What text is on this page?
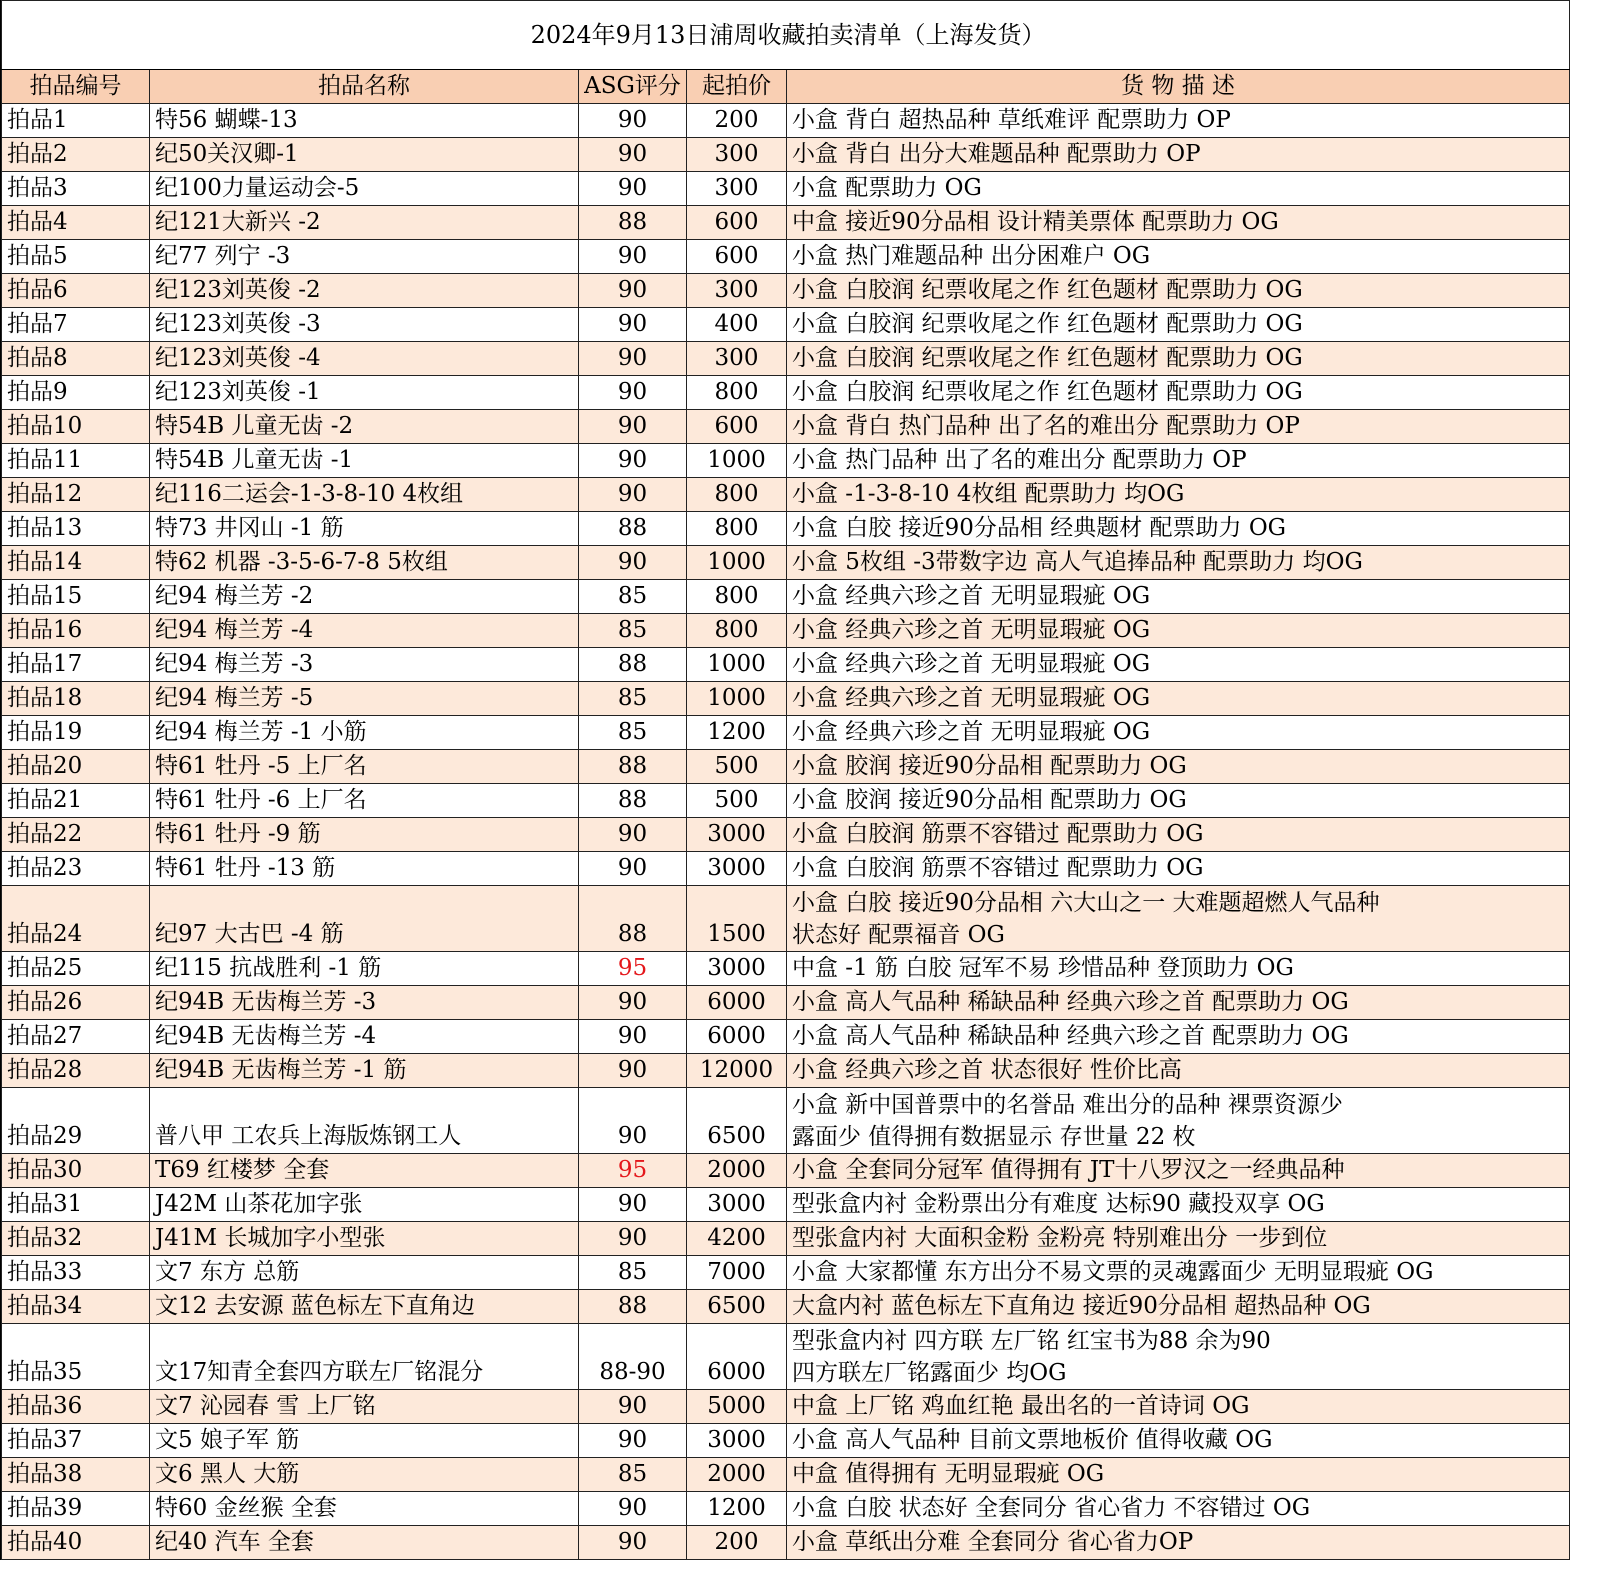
2024年9月13日浦周收藏拍卖清单（上海发货）				
拍品编号	拍品名称	ASG评分	起拍价	货 物 描 述
拍品1	特56 蝴蝶-13	90	200	小盒 背白 超热品种 草纸难评 配票助力 OP
拍品2	纪50关汉卿-1	90	300	小盒 背白 出分大难题品种 配票助力 OP
拍品3	纪100力量运动会-5	90	300	小盒 配票助力 OG
拍品4	纪121大新兴 -2	88	600	中盒 接近90分品相 设计精美票体 配票助力 OG
拍品5	纪77 列宁 -3	90	600	小盒 热门难题品种 出分困难户 OG
拍品6	纪123刘英俊 -2	90	300	小盒 白胶润 纪票收尾之作 红色题材 配票助力 OG
拍品7	纪123刘英俊 -3	90	400	小盒 白胶润 纪票收尾之作 红色题材 配票助力 OG
拍品8	纪123刘英俊 -4	90	300	小盒 白胶润 纪票收尾之作 红色题材 配票助力 OG
拍品9	纪123刘英俊 -1	90	800	小盒 白胶润 纪票收尾之作 红色题材 配票助力 OG
拍品10	特54B 儿童无齿 -2	90	600	小盒 背白 热门品种 出了名的难出分 配票助力 OP
拍品11	特54B 儿童无齿 -1	90	1000	小盒 热门品种 出了名的难出分 配票助力 OP
拍品12	纪116二运会-1-3-8-10 4枚组	90	800	小盒 -1-3-8-10 4枚组 配票助力 均OG
拍品13	特73 井冈山 -1 筋	88	800	小盒 白胶 接近90分品相 经典题材 配票助力 OG
拍品14	特62 机器 -3-5-6-7-8 5枚组	90	1000	小盒 5枚组 -3带数字边 高人气追捧品种 配票助力 均OG
拍品15	纪94 梅兰芳 -2	85	800	小盒 经典六珍之首 无明显瑕疵 OG
拍品16	纪94 梅兰芳 -4	85	800	小盒 经典六珍之首 无明显瑕疵 OG
拍品17	纪94 梅兰芳 -3	88	1000	小盒 经典六珍之首 无明显瑕疵 OG
拍品18	纪94 梅兰芳 -5	85	1000	小盒 经典六珍之首 无明显瑕疵 OG
拍品19	纪94 梅兰芳 -1 小筋	85	1200	小盒 经典六珍之首 无明显瑕疵 OG
拍品20	特61 牡丹 -5 上厂名	88	500	小盒 胶润 接近90分品相 配票助力 OG
拍品21	特61 牡丹 -6 上厂名	88	500	小盒 胶润 接近90分品相 配票助力 OG
拍品22	特61 牡丹 -9 筋	90	3000	小盒 白胶润 筋票不容错过 配票助力 OG
拍品23	特61 牡丹 -13 筋	90	3000	小盒 白胶润 筋票不容错过 配票助力 OG
拍品24	纪97 大古巴 -4 筋	88	1500	小盒 白胶 接近90分品相 六大山之一 大难题超燃人气品种
状态好 配票福音 OG

拍品25	纪115 抗战胜利 -1 筋	95	3000	中盒 -1 筋 白胶 冠军不易 珍惜品种 登顶助力 OG
拍品26	纪94B 无齿梅兰芳 -3	90	6000	小盒 高人气品种 稀缺品种 经典六珍之首 配票助力 OG
拍品27	纪94B 无齿梅兰芳 -4	90	6000	小盒 高人气品种 稀缺品种 经典六珍之首 配票助力 OG
拍品28	纪94B 无齿梅兰芳 -1 筋	90	12000	小盒 经典六珍之首 状态很好 性价比高
拍品29	普八甲 工农兵上海版炼钢工人	90	6500	小盒 新中国普票中的名誉品 难出分的品种 裸票资源少
露面少 值得拥有数据显示 存世量 22 枚

拍品30	T69 红楼梦 全套	95	2000	小盒 全套同分冠军 值得拥有 JT十八罗汉之一经典品种
拍品31	J42M 山茶花加字张	90	3000	型张盒内衬 金粉票出分有难度 达标90 藏投双享 OG
拍品32	J41M 长城加字小型张	90	4200	型张盒内衬 大面积金粉 金粉亮 特别难出分 一步到位
拍品33	文7 东方 总筋	85	7000	小盒 大家都懂 东方出分不易文票的灵魂露面少 无明显瑕疵 OG
拍品34	文12 去安源 蓝色标左下直角边	88	6500	大盒内衬 蓝色标左下直角边 接近90分品相 超热品种 OG
拍品35	文17知青全套四方联左厂铭混分	88-90	6000	型张盒内衬 四方联 左厂铭 红宝书为88 余为90
四方联左厂铭露面少 均OG

拍品36	文7 沁园春 雪 上厂铭	90	5000	中盒 上厂铭 鸡血红艳 最出名的一首诗词 OG
拍品37	文5 娘子军 筋	90	3000	小盒 高人气品种 目前文票地板价 值得收藏 OG
拍品38	文6 黑人 大筋	85	2000	中盒 值得拥有 无明显瑕疵 OG
拍品39	特60 金丝猴 全套	90	1200	小盒 白胶 状态好 全套同分 省心省力 不容错过 OG
拍品40	纪40 汽车 全套	90	200	小盒 草纸出分难 全套同分 省心省力OP
